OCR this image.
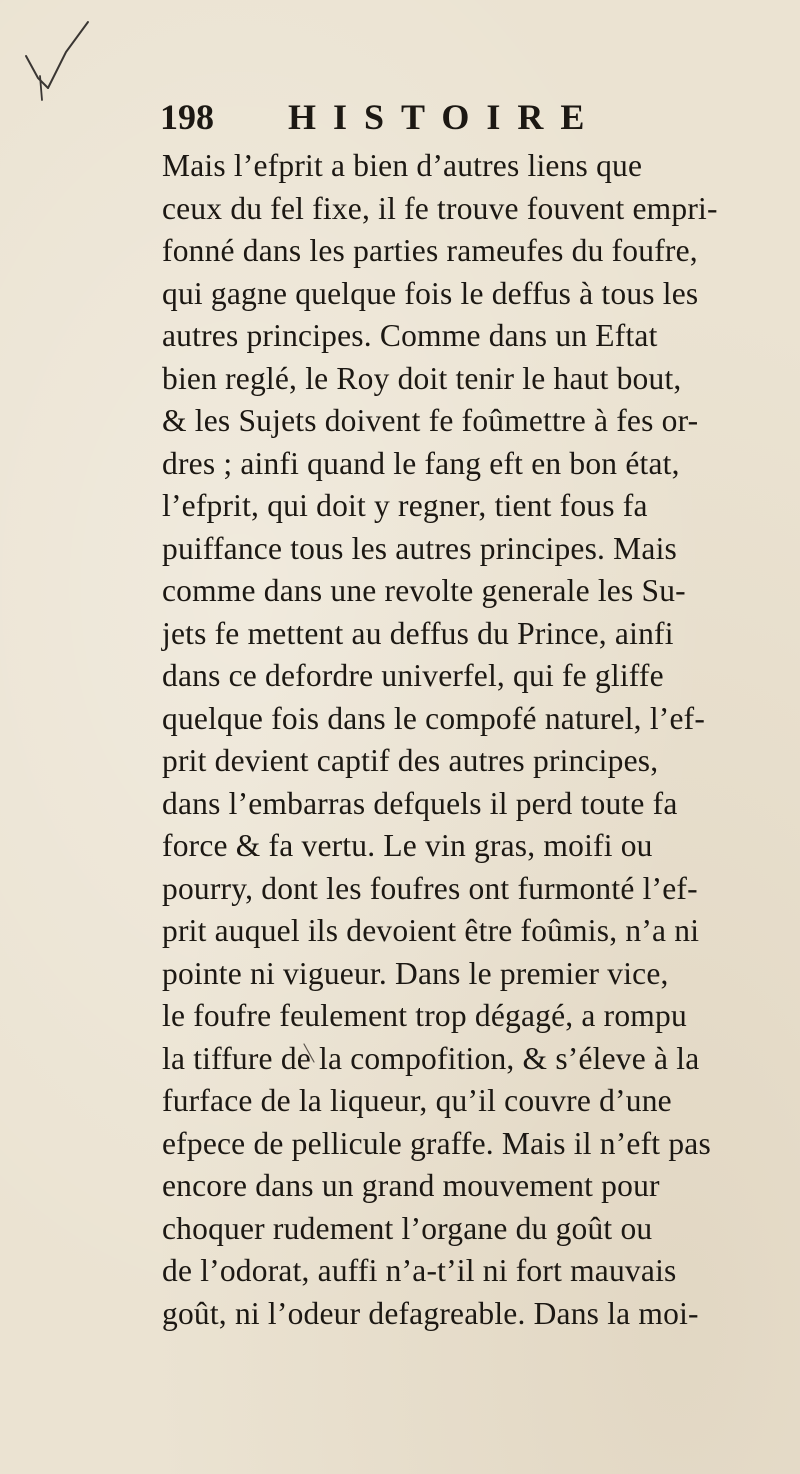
198 HISTOIRE
Mais l’efprit a bien d’autres liens que
ceux du fel fixe, il fe trouve fouvent empri-
fonné dans les parties rameufes du foufre,
qui gagne quelque fois le deffus à tous les
autres principes. Comme dans un Eftat
bien reglé, le Roy doit tenir le haut bout,
& les Sujets doivent fe foûmettre à fes or-
dres ; ainfi quand le fang eft en bon état,
l’efprit, qui doit y regner, tient fous fa
puiffance tous les autres principes. Mais
comme dans une revolte generale les Su-
jets fe mettent au deffus du Prince, ainfi
dans ce defordre univerfel, qui fe gliffe
quelque fois dans le compofé naturel, l’ef-
prit devient captif des autres principes,
dans l’embarras defquels il perd toute fa
force & fa vertu. Le vin gras, moifi ou
pourry, dont les foufres ont furmonté l’ef-
prit auquel ils devoient être foûmis, n’a ni
pointe ni vigueur. Dans le premier vice,
le foufre feulement trop dégagé, a rompu
la tiffure de la compofition, & s’éleve à la
furface de la liqueur, qu’il couvre d’une
efpece de pellicule graffe. Mais il n’eft pas
encore dans un grand mouvement pour
choquer rudement l’organe du goût ou
de l’odorat, auffi n’a-t’il ni fort mauvais
goût, ni l’odeur defagreable. Dans la moi-
